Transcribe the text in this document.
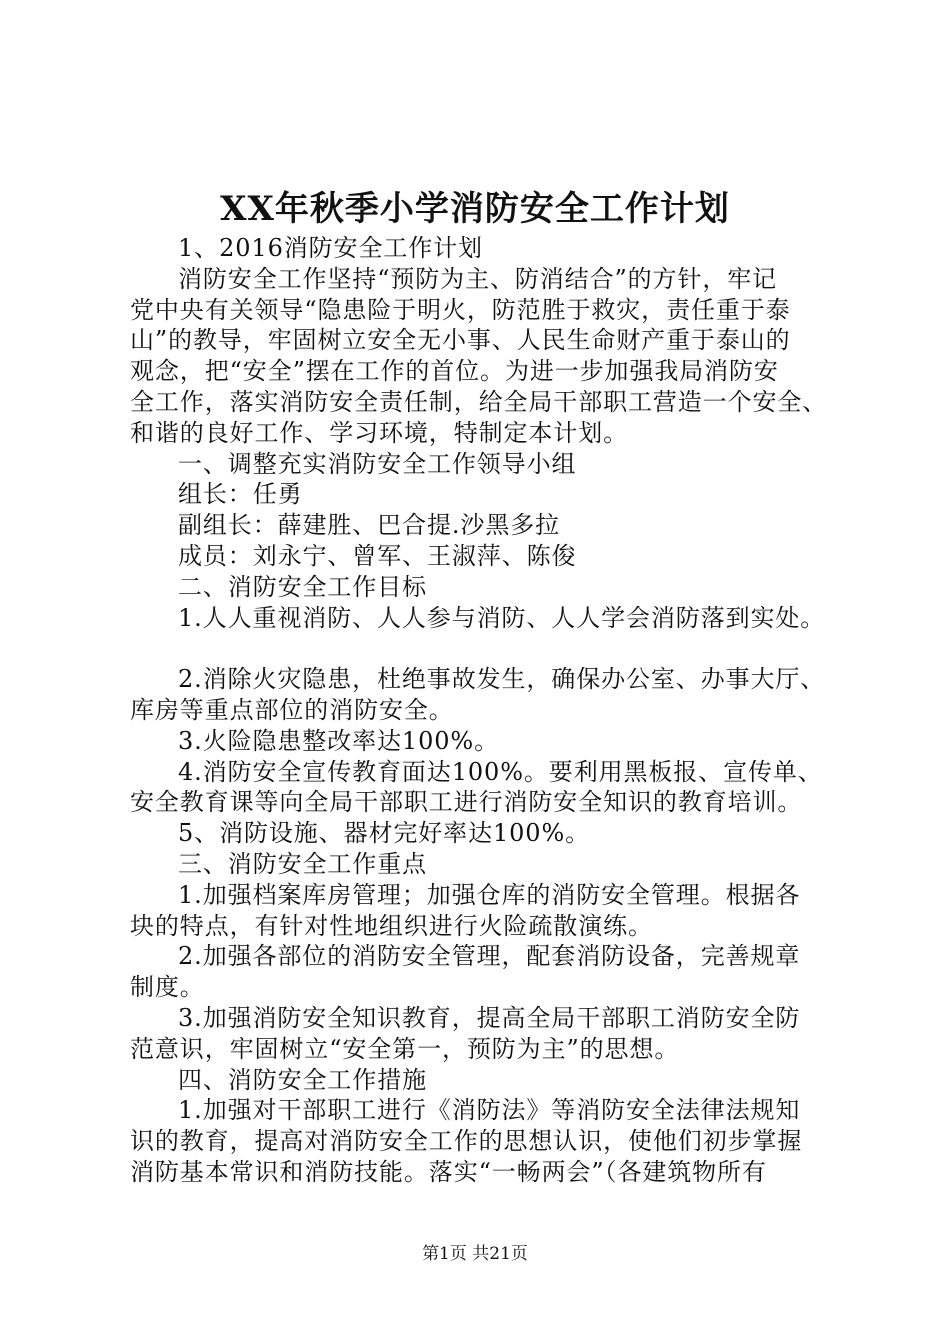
XX年秋季小学消防安全工作计划
1、2016消防安全工作计划
消防安全工作坚持“预防为主、防消结合”的方针，牢记
党中央有关领导“隐患险于明火，防范胜于救灾，责任重于泰
山”的教导，牢固树立安全无小事、人民生命财产重于泰山的
观念，把“安全”摆在工作的首位。为进一步加强我局消防安
全工作，落实消防安全责任制，给全局干部职工营造一个安全、
和谐的良好工作、学习环境，特制定本计划。
一、调整充实消防安全工作领导小组
组长：任勇
副组长：薛建胜、巴合提.沙黑多拉
成员：刘永宁、曾军、王淑萍、陈俊
二、消防安全工作目标
1.人人重视消防、人人参与消防、人人学会消防落到实处。
2.消除火灾隐患，杜绝事故发生，确保办公室、办事大厅、
库房等重点部位的消防安全。
3.火险隐患整改率达100%。
4.消防安全宣传教育面达100%。要利用黑板报、宣传单、
安全教育课等向全局干部职工进行消防安全知识的教育培训。
5、消防设施、器材完好率达100%。
三、消防安全工作重点
1.加强档案库房管理；加强仓库的消防安全管理。根据各
块的特点，有针对性地组织进行火险疏散演练。
2.加强各部位的消防安全管理，配套消防设备，完善规章
制度。
3.加强消防安全知识教育，提高全局干部职工消防安全防
范意识，牢固树立“安全第一，预防为主”的思想。
四、消防安全工作措施
1.加强对干部职工进行《消防法》等消防安全法律法规知
识的教育，提高对消防安全工作的思想认识，使他们初步掌握
消防基本常识和消防技能。落实“一畅两会”（各建筑物所有
第1页 共21页
